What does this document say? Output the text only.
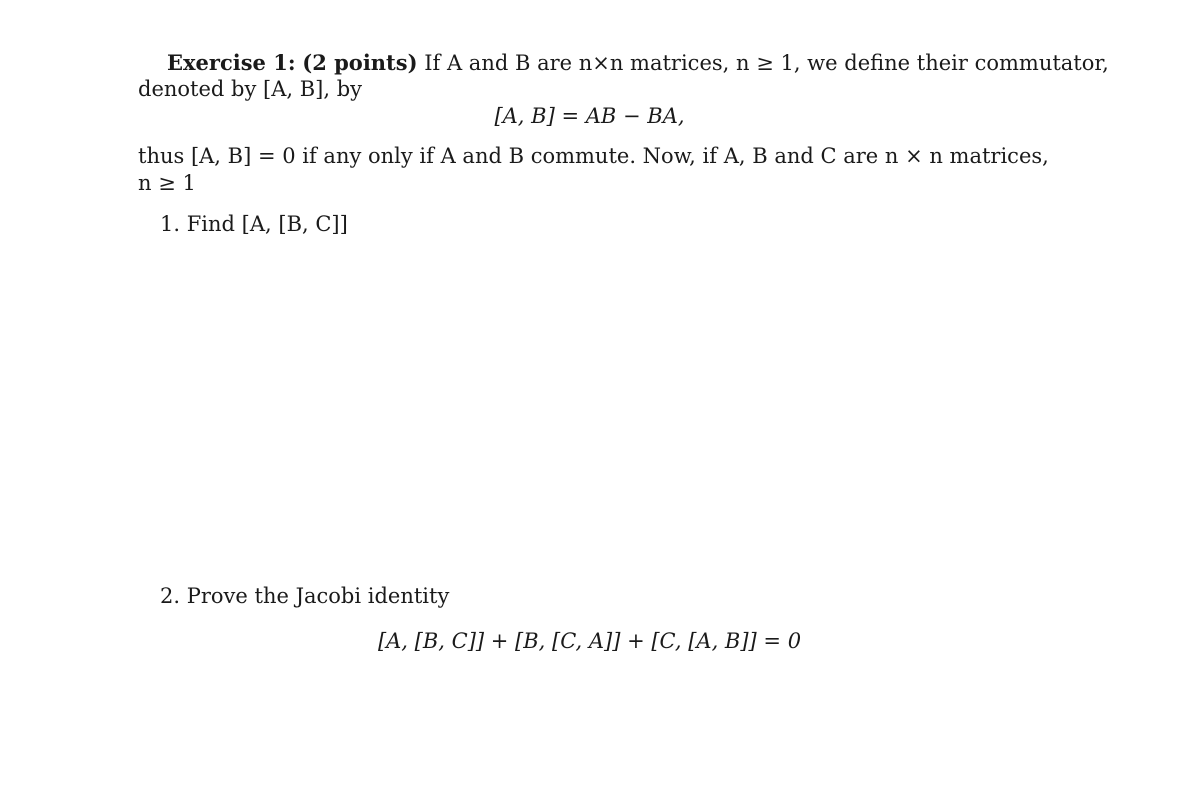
Exercise 1: (2 points) If A and B are n×n matrices, n ≥ 1, we define their commutator,
denoted by [A, B], by
[A, B] = AB − BA,
thus [A, B] = 0 if any only if A and B commute. Now, if A, B and C are n × n matrices,
n ≥ 1
1. Find [A, [B, C]]
2. Prove the Jacobi identity
[A, [B, C]] + [B, [C, A]] + [C, [A, B]] = 0
